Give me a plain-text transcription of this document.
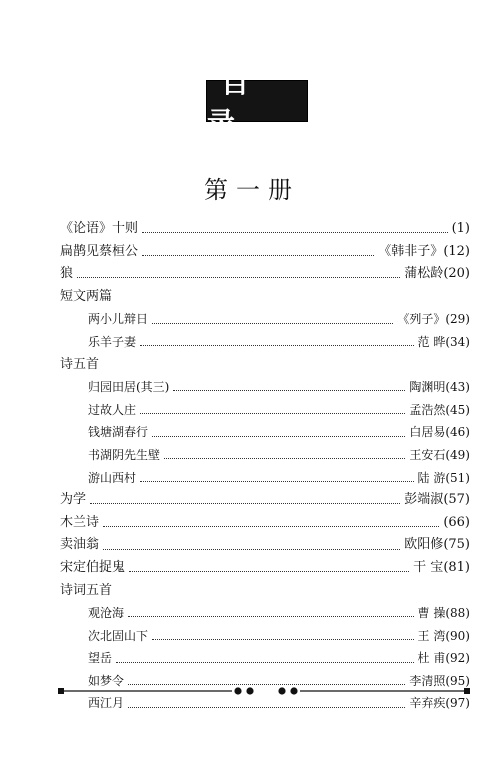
目 录
第一册
《论语》十则	(1)
扁鹊见蔡桓公	《韩非子》 (12)
狼	蒲松龄 (20)
短文两篇
两小儿辩日	《列子》 (29)
乐羊子妻	范 晔 (34)
诗五首
归园田居(其三)	陶渊明 (43)
过故人庄	孟浩然 (45)
钱塘湖春行	白居易 (46)
书湖阴先生壁	王安石 (49)
游山西村	陆 游 (51)
为学	彭端淑 (57)
木兰诗	(66)
卖油翁	欧阳修 (75)
宋定伯捉鬼	干 宝 (81)
诗词五首
观沧海	曹 操 (88)
次北固山下	王 湾 (90)
望岳	杜 甫 (92)
如梦令	李清照 (95)
西江月	辛弃疾 (97)
